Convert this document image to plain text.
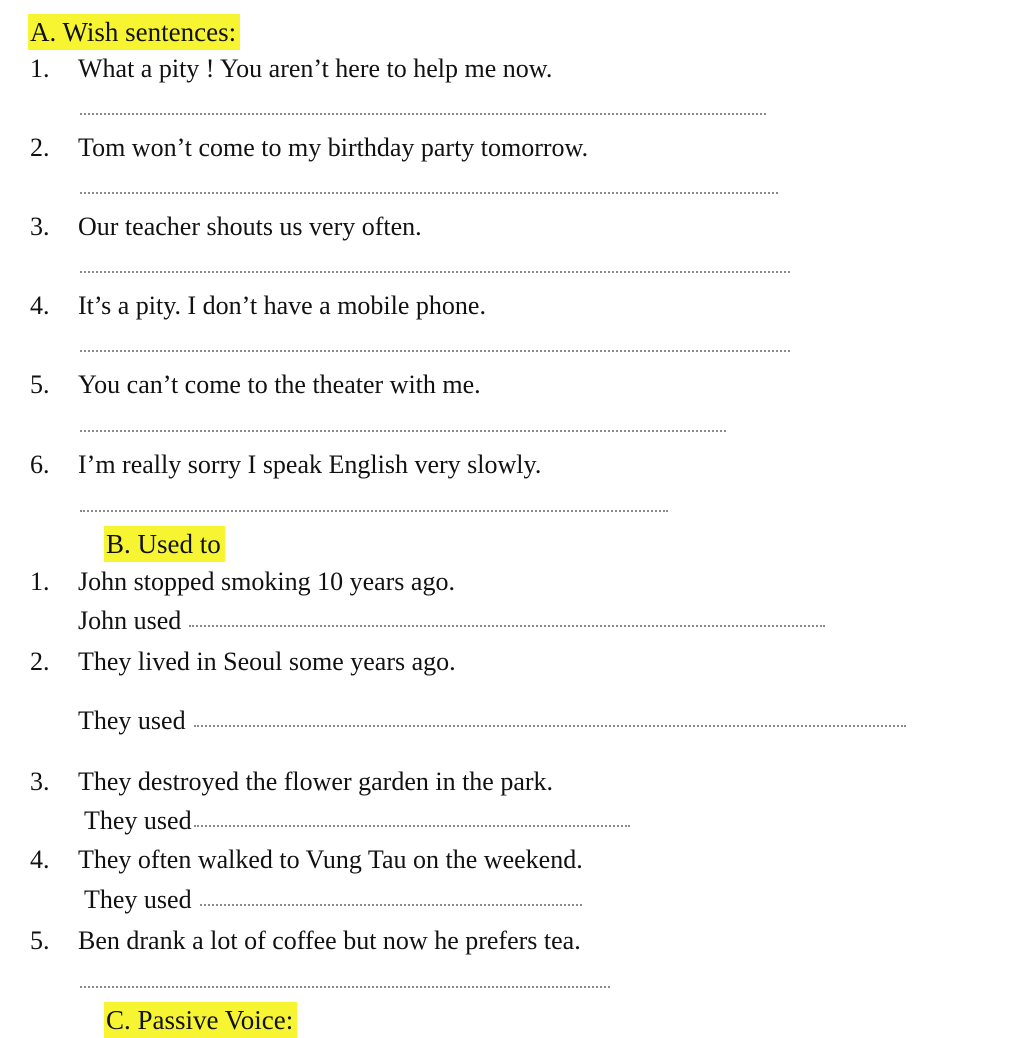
A. Wish sentences:
1. What a pity ! You aren’t here to help me now.
2. Tom won’t come to my birthday party tomorrow.
3. Our teacher shouts us very often.
4. It’s a pity. I don’t have a mobile phone.
5. You can’t come to the theater with me.
6. I’m really sorry I speak English very slowly.
B. Used to
1. John stopped smoking 10 years ago.
John used
2. They lived in Seoul some years ago.
They used
3. They destroyed the flower garden in the park.
They used
4. They often walked to Vung Tau on the weekend.
They used
5. Ben drank a lot of coffee but now he prefers tea.
C. Passive Voice:
